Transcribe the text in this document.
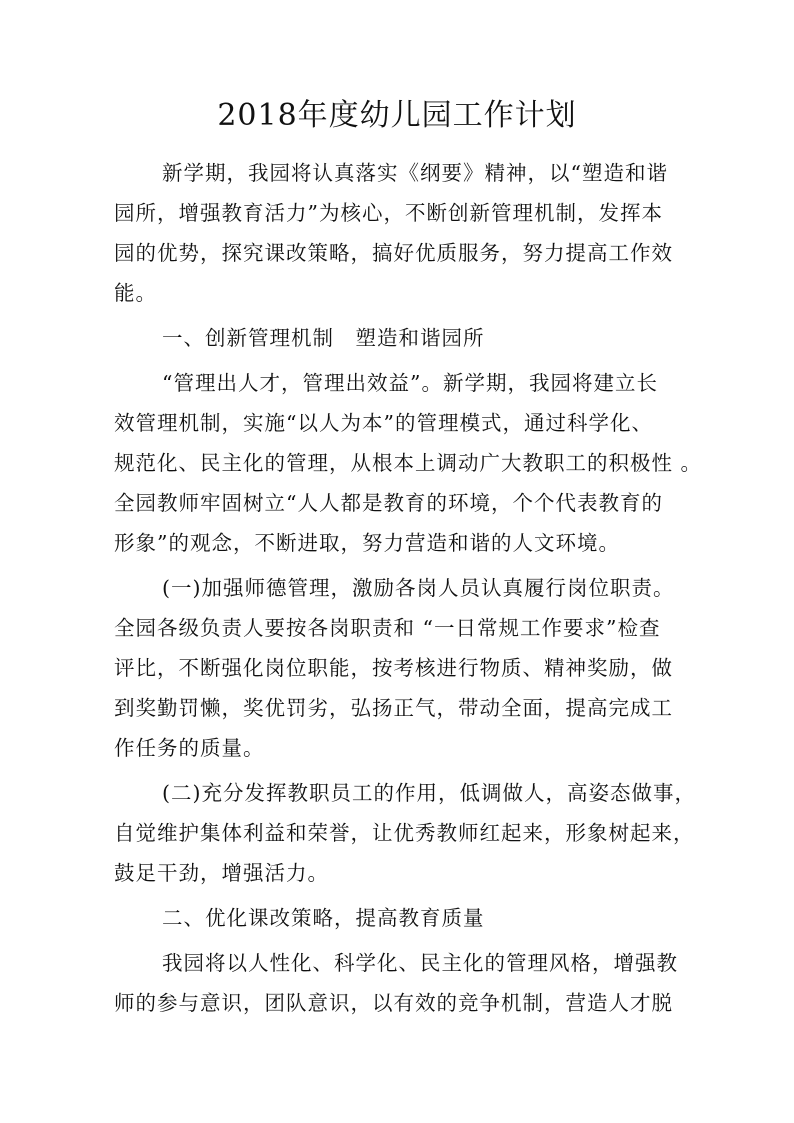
2018年度幼儿园工作计划

新学期，我园将认真落实《纲要》精神，以“塑造和谐

园所，增强教育活力”为核心，不断创新管理机制，发挥本

园的优势，探究课改策略，搞好优质服务，努力提高工作效

能。

一、创新管理机制　塑造和谐园所

“管理出人才，管理出效益”。新学期，我园将建立长

效管理机制，实施“以人为本”的管理模式，通过科学化、

规范化、民主化的管理，从根本上调动广大教职工的积极性 。

全园教师牢固树立“人人都是教育的环境，个个代表教育的

形象”的观念，不断进取，努力营造和谐的人文环境。

(一)加强师德管理，激励各岗人员认真履行岗位职责。

全园各级负责人要按各岗职责和 “一日常规工作要求”检查

评比，不断强化岗位职能，按考核进行物质、精神奖励，做

到奖勤罚懒，奖优罚劣，弘扬正气，带动全面，提高完成工

作任务的质量。

(二)充分发挥教职员工的作用，低调做人，高姿态做事，

自觉维护集体利益和荣誉，让优秀教师红起来，形象树起来，

鼓足干劲，增强活力。

二、优化课改策略，提高教育质量

我园将以人性化、科学化、民主化的管理风格，增强教

师的参与意识，团队意识，以有效的竞争机制，营造人才脱
